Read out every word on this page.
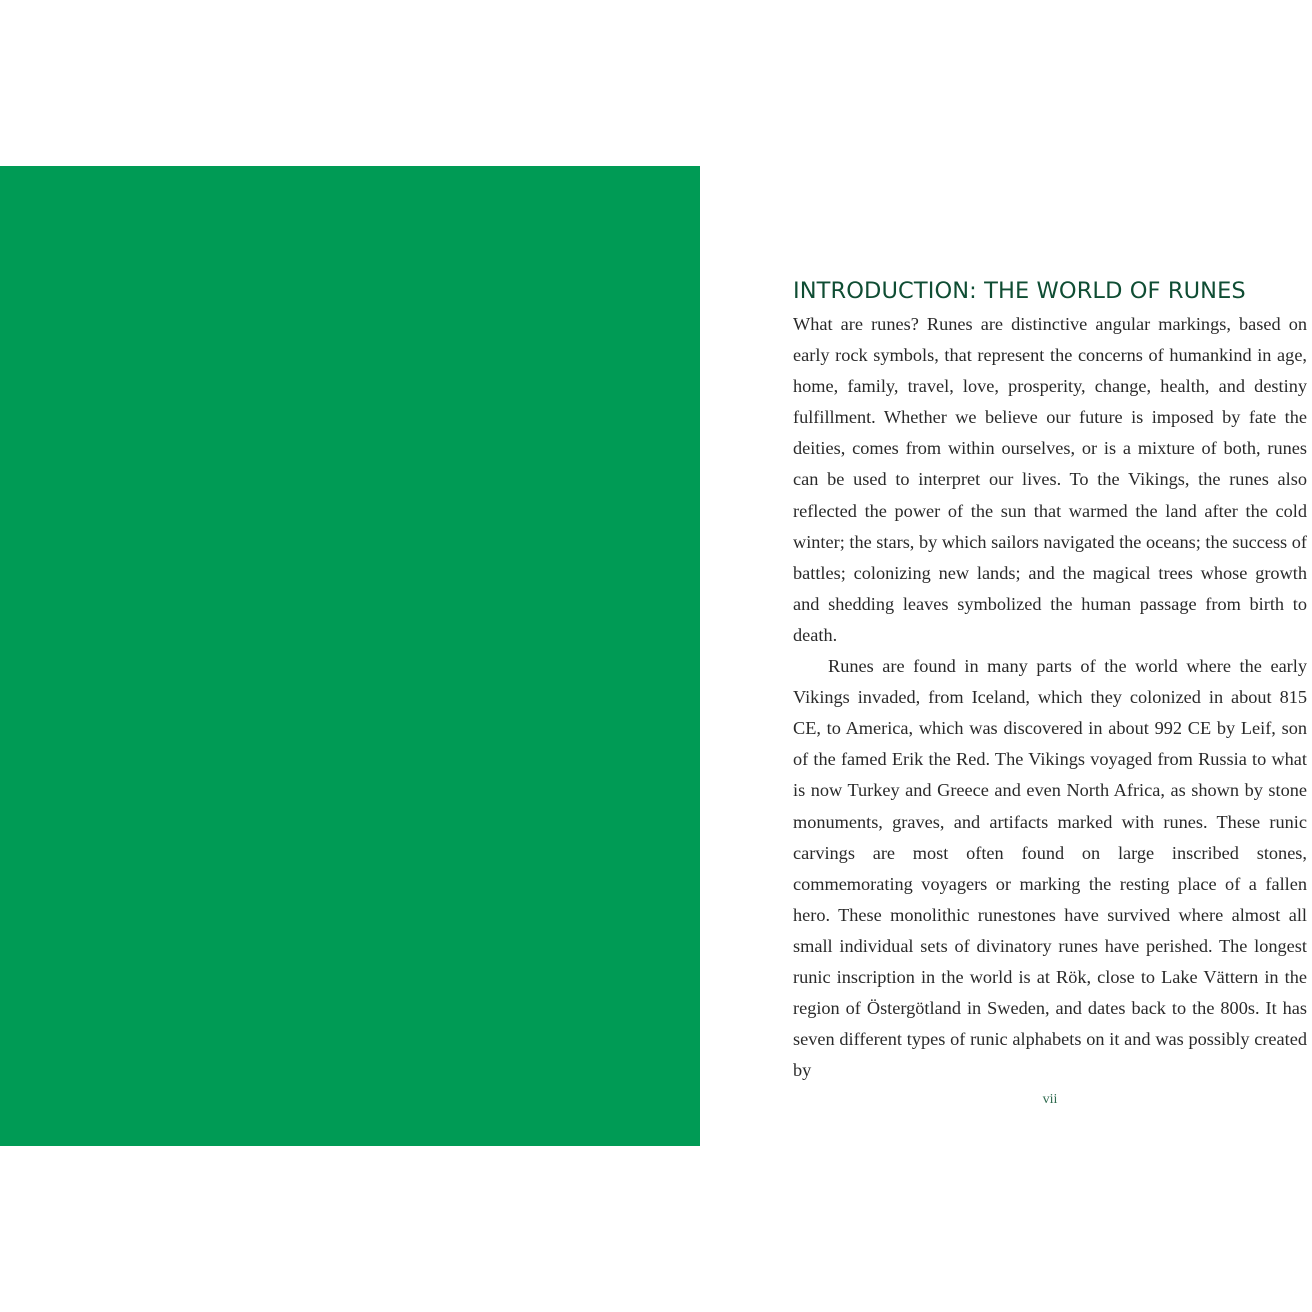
INTRODUCTION: THE WORLD OF RUNES

What are runes? Runes are distinctive angular markings, based on early rock symbols, that represent the concerns of humankind in age, home, family, travel, love, prosperity, change, health, and destiny fulfillment. Whether we believe our future is imposed by fate the deities, comes from within ourselves, or is a mixture of both, runes can be used to interpret our lives. To the Vikings, the runes also reflected the power of the sun that warmed the land after the cold winter; the stars, by which sailors navigated the oceans; the success of battles; colonizing new lands; and the magical trees whose growth and shedding leaves symbolized the human passage from birth to death.

Runes are found in many parts of the world where the early Vikings invaded, from Iceland, which they colonized in about 815 CE, to America, which was discovered in about 992 CE by Leif, son of the famed Erik the Red. The Vikings voyaged from Russia to what is now Turkey and Greece and even North Africa, as shown by stone monuments, graves, and artifacts marked with runes. These runic carvings are most often found on large inscribed stones, commemorating voyagers or marking the resting place of a fallen hero. These monolithic runestones have survived where almost all small individual sets of divinatory runes have perished. The longest runic inscription in the world is at Rök, close to Lake Vättern in the region of Östergötland in Sweden, and dates back to the 800s. It has seven different types of runic alphabets on it and was possibly created by

vii
